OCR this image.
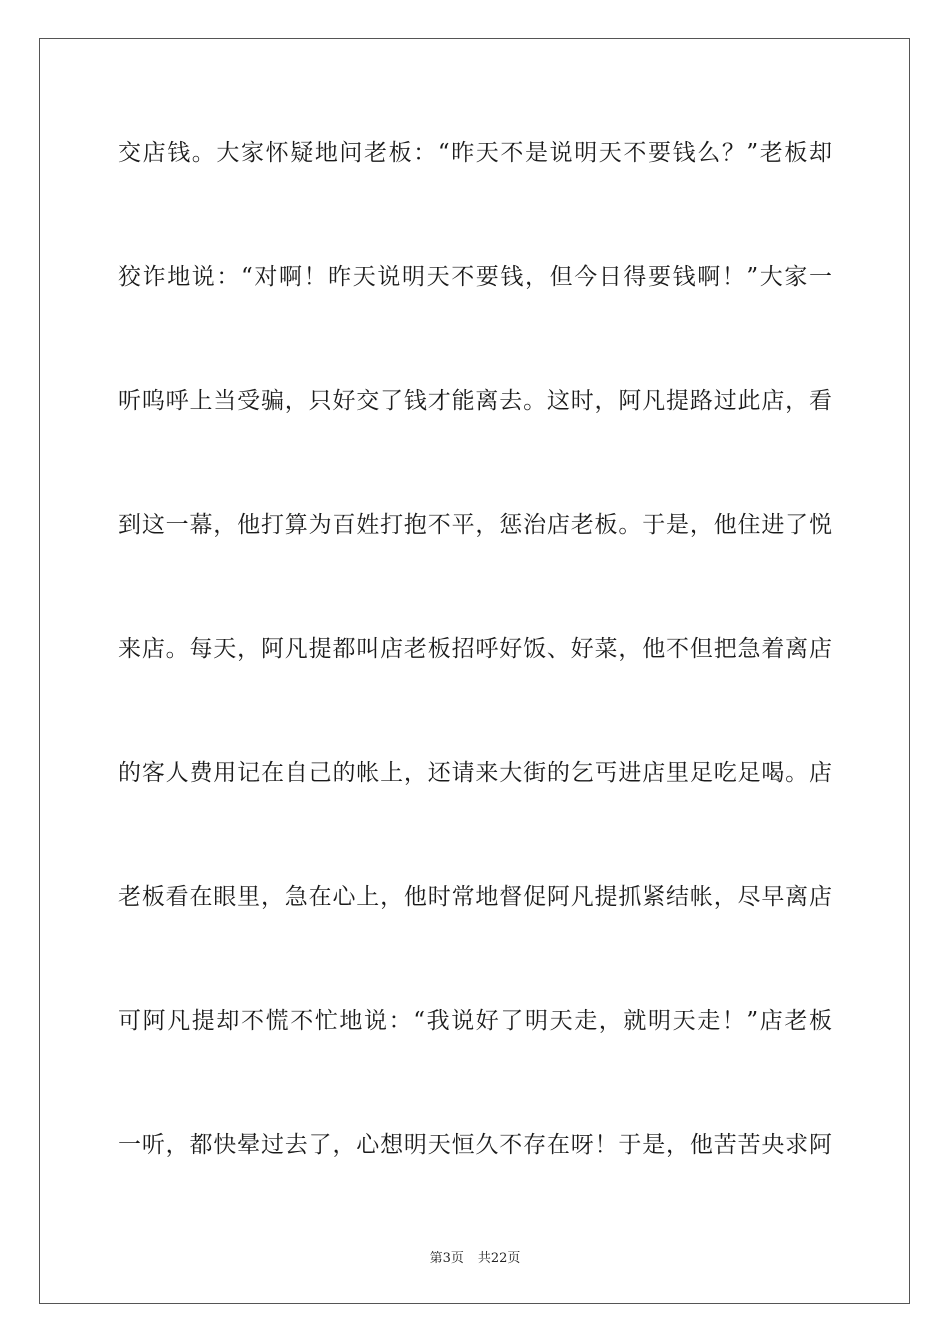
交店钱。大家怀疑地问老板：“昨天不是说明天不要钱么？”老板却
狡诈地说：“对啊！昨天说明天不要钱，但今日得要钱啊！”大家一
听呜呼上当受骗，只好交了钱才能离去。这时，阿凡提路过此店，看
到这一幕，他打算为百姓打抱不平，惩治店老板。于是，他住进了悦
来店。每天，阿凡提都叫店老板招呼好饭、好菜，他不但把急着离店
的客人费用记在自己的帐上，还请来大街的乞丐进店里足吃足喝。店
老板看在眼里，急在心上，他时常地督促阿凡提抓紧结帐，尽早离店
可阿凡提却不慌不忙地说：“我说好了明天走，就明天走！”店老板
一听，都快晕过去了，心想明天恒久不存在呀！于是，他苦苦央求阿
第3页 共22页
